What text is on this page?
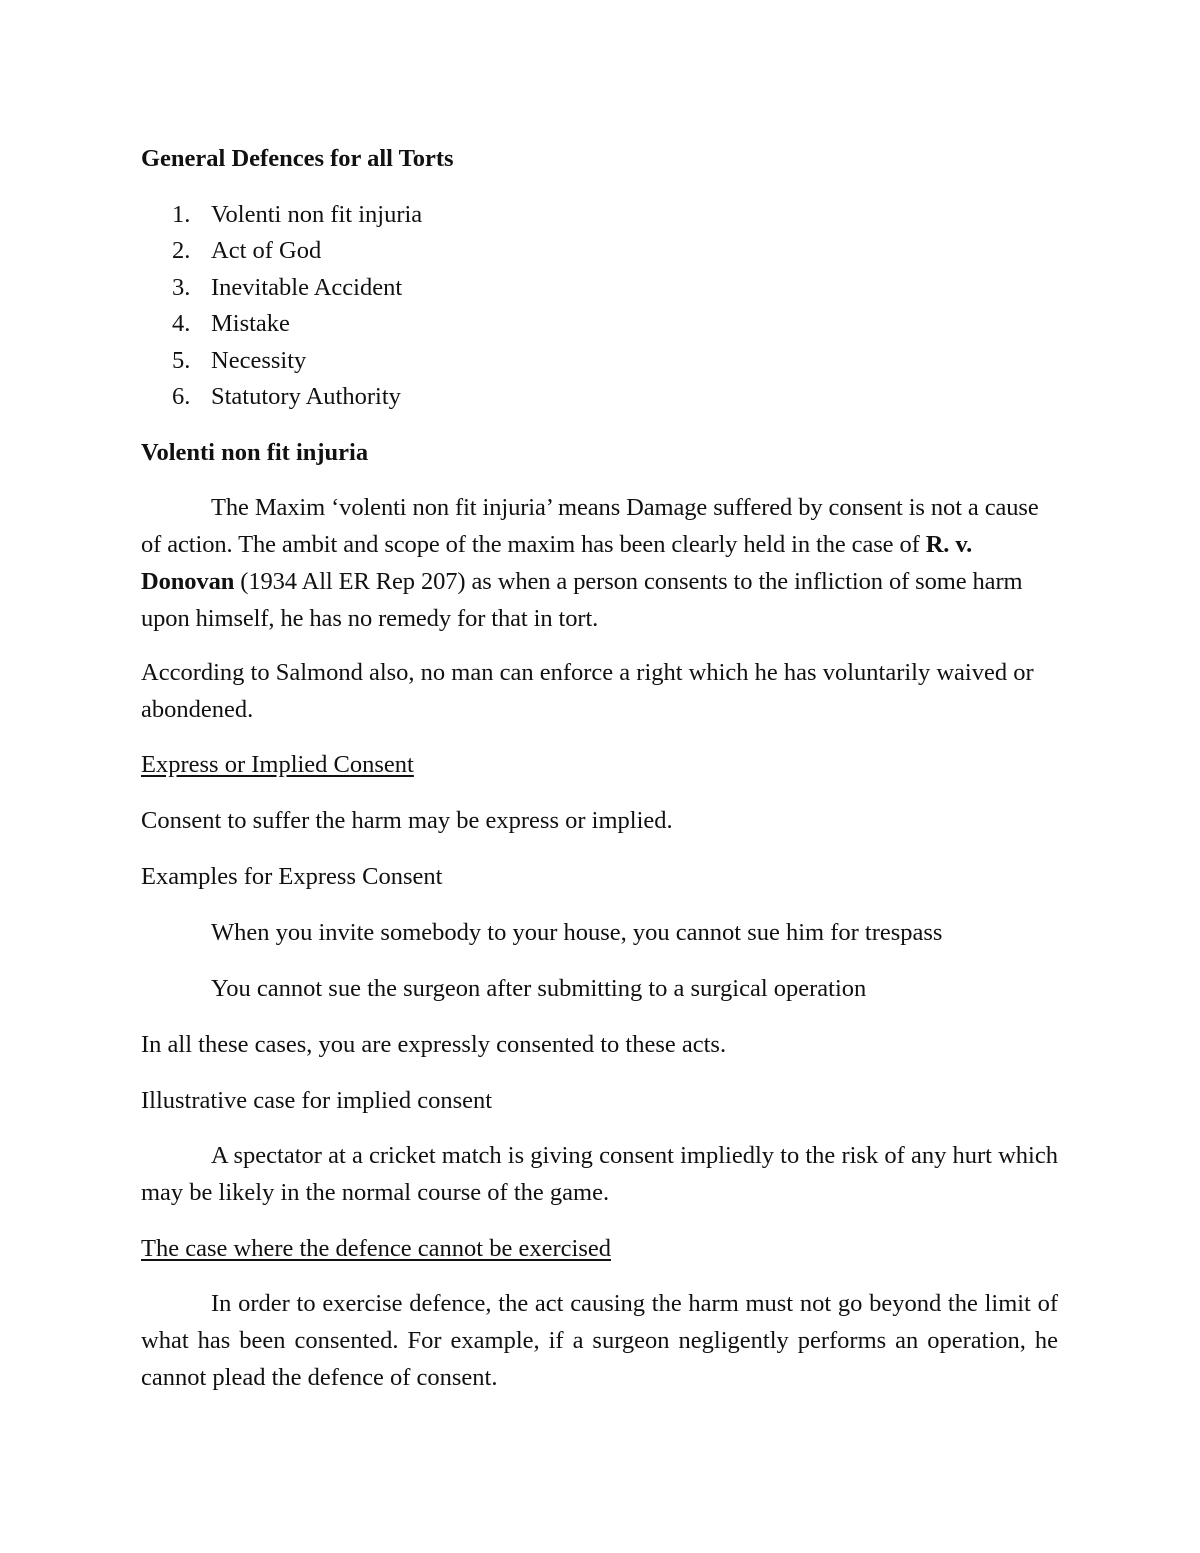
General Defences for all Torts

1. Volenti non fit injuria
2. Act of God
3. Inevitable Accident
4. Mistake
5. Necessity
6. Statutory Authority

Volenti non fit injuria

The Maxim ‘volenti non fit injuria’ means Damage suffered by consent is not a cause of action. The ambit and scope of the maxim has been clearly held in the case of R. v. Donovan (1934 All ER Rep 207) as when a person consents to the infliction of some harm upon himself, he has no remedy for that in tort.

According to Salmond also, no man can enforce a right which he has voluntarily waived or abondened.

Express or Implied Consent

Consent to suffer the harm may be express or implied.

Examples for Express Consent

When you invite somebody to your house, you cannot sue him for trespass

You cannot sue the surgeon after submitting to a surgical operation

In all these cases, you are expressly consented to these acts.

Illustrative case for implied consent

A spectator at a cricket match is giving consent impliedly to the risk of any hurt which may be likely in the normal course of the game.

The case where the defence cannot be exercised

In order to exercise defence, the act causing the harm must not go beyond the limit of what has been consented. For example, if a surgeon negligently performs an operation, he cannot plead the defence of consent.
